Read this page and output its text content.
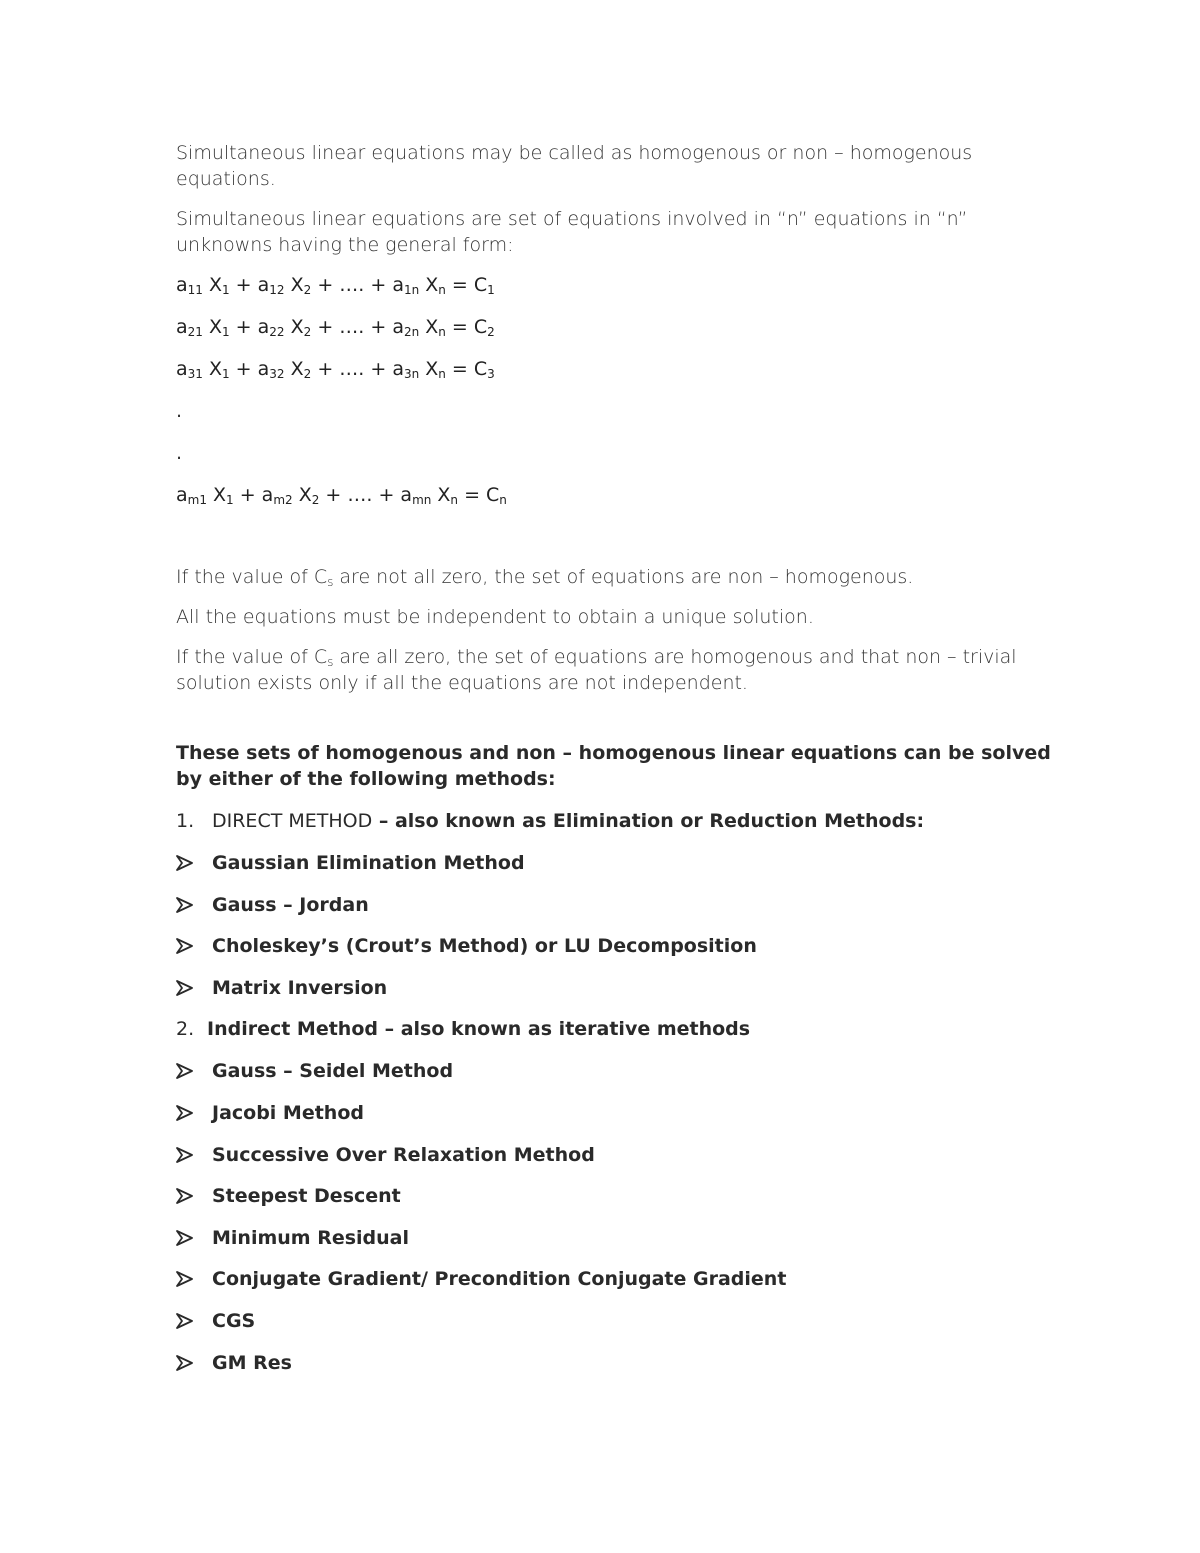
Simultaneous linear equations may be called as homogenous or non – homogenous equations.

Simultaneous linear equations are set of equations involved in “n” equations in “n” unknowns having the general form:

$a_{11}$ $X_1 + a_{12}$ $X_2$ + …. + $a_{1n}$ $X_n = C_1$
$a_{21}$ $X_1 + a_{22}$ $X_2$ + …. + $a_{2n}$ $X_n = C_2$
$a_{31}$ $X_1 + a_{32}$ $X_2$ + …. + $a_{3n}$ $X_n = C_3$

.

.

$a_{m1}$ $X_1 + a_{m2}$ $X_2$ + …. + $a_{mn}$ $X_n = C_n$

If the value of $C_s$ are not all zero, the set of equations are non – homogenous.

All the equations must be independent to obtain a unique solution.

If the value of $C_s$ are all zero, the set of equations are homogenous and that non – trivial solution exists only if all the equations are not independent.

These sets of homogenous and non – homogenous linear equations can be solved by either of the following methods:

1. DIRECT METHOD – also known as Elimination or Reduction Methods:
Gaussian Elimination Method
Gauss – Jordan
Choleskey’s (Crout’s Method) or LU Decomposition
Matrix Inversion
2. Indirect Method – also known as iterative methods
Gauss – Seidel Method
Jacobi Method
Successive Over Relaxation Method
Steepest Descent
Minimum Residual
Conjugate Gradient/ Precondition Conjugate Gradient
CGS
GM Res
